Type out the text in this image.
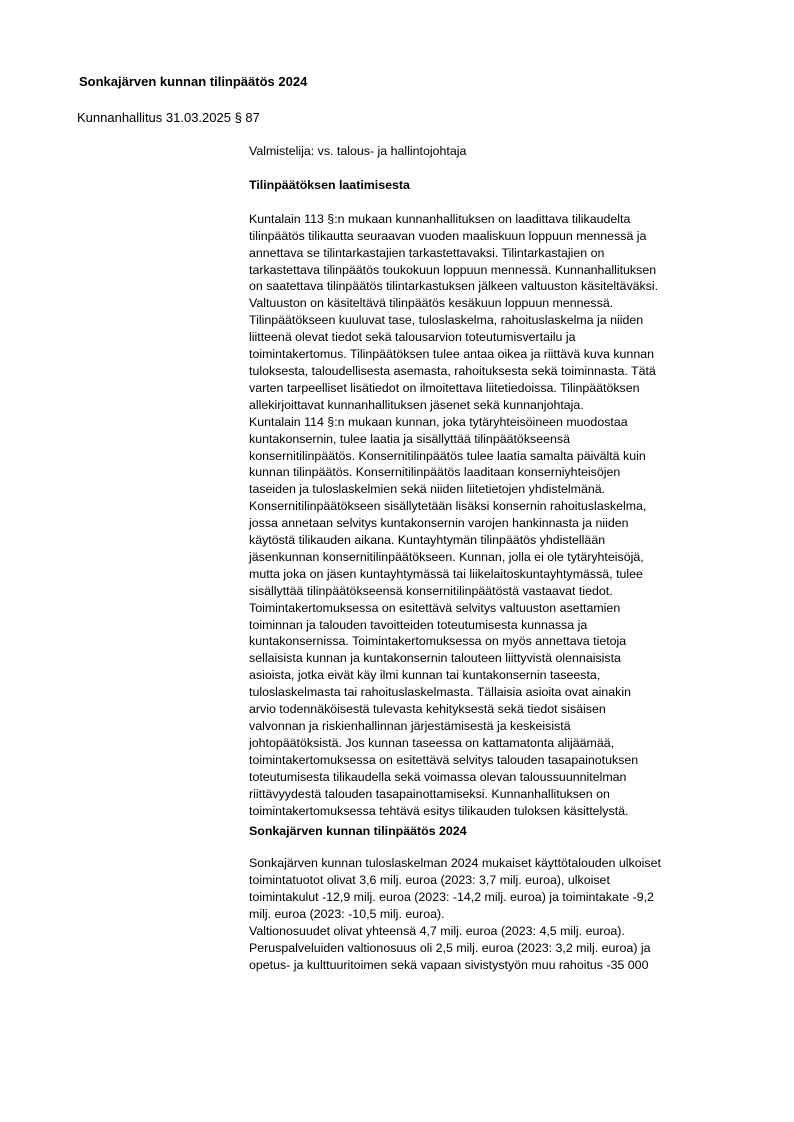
Sonkajärven kunnan tilinpäätös 2024
Kunnanhallitus 31.03.2025 § 87

Valmistelija: vs. talous- ja hallintojohtaja

Tilinpäätöksen laatimisesta

Kuntalain 113 §:n mukaan kunnanhallituksen on laadittava tilikaudelta
tilinpäätös tilikautta seuraavan vuoden maaliskuun loppuun mennessä ja
annettava se tilintarkastajien tarkastettavaksi. Tilintarkastajien on
tarkastettava tilinpäätös toukokuun loppuun mennessä. Kunnanhallituksen
on saatettava tilinpäätös tilintarkastuksen jälkeen valtuuston käsiteltäväksi.
Valtuuston on käsiteltävä tilinpäätös kesäkuun loppuun mennessä.

Tilinpäätökseen kuuluvat tase, tuloslaskelma, rahoituslaskelma ja niiden
liitteenä olevat tiedot sekä talousarvion toteutumisvertailu ja
toimintakertomus. Tilinpäätöksen tulee antaa oikea ja riittävä kuva kunnan
tuloksesta, taloudellisesta asemasta, rahoituksesta sekä toiminnasta. Tätä
varten tarpeelliset lisätiedot on ilmoitettava liitetiedoissa. Tilinpäätöksen
allekirjoittavat kunnanhallituksen jäsenet sekä kunnanjohtaja.

Kuntalain 114 §:n mukaan kunnan, joka tytäryhteisöineen muodostaa
kuntakonsernin, tulee laatia ja sisällyttää tilinpäätökseensä
konsernitilinpäätös. Konsernitilinpäätös tulee laatia samalta päivältä kuin
kunnan tilinpäätös. Konsernitilinpäätös laaditaan konserniyhteisöjen
taseiden ja tuloslaskelmien sekä niiden liitetietojen yhdistelmänä.
Konsernitilinpäätökseen sisällytetään lisäksi konsernin rahoituslaskelma,
jossa annetaan selvitys kuntakonsernin varojen hankinnasta ja niiden
käytöstä tilikauden aikana. Kuntayhtymän tilinpäätös yhdistellään
jäsenkunnan konsernitilinpäätökseen. Kunnan, jolla ei ole tytäryhteisöjä,
mutta joka on jäsen kuntayhtymässä tai liikelaitoskuntayhtymässä, tulee
sisällyttää tilinpäätökseensä konsernitilinpäätöstä vastaavat tiedot.

Toimintakertomuksessa on esitettävä selvitys valtuuston asettamien
toiminnan ja talouden tavoitteiden toteutumisesta kunnassa ja
kuntakonsernissa. Toimintakertomuksessa on myös annettava tietoja
sellaisista kunnan ja kuntakonsernin talouteen liittyvistä olennaisista
asioista, jotka eivät käy ilmi kunnan tai kuntakonsernin taseesta,
tuloslaskelmasta tai rahoituslaskelmasta. Tällaisia asioita ovat ainakin
arvio todennäköisestä tulevasta kehityksestä sekä tiedot sisäisen
valvonnan ja riskienhallinnan järjestämisestä ja keskeisistä
johtopäätöksistä. Jos kunnan taseessa on kattamatonta alijäämää,
toimintakertomuksessa on esitettävä selvitys talouden tasapainotuksen
toteutumisesta tilikaudella sekä voimassa olevan taloussuunnitelman
riittävyydestä talouden tasapainottamiseksi. Kunnanhallituksen on
toimintakertomuksessa tehtävä esitys tilikauden tuloksen käsittelystä.

Sonkajärven kunnan tilinpäätös 2024

Sonkajärven kunnan tuloslaskelman 2024 mukaiset käyttötalouden ulkoiset
toimintatuotot olivat 3,6 milj. euroa (2023: 3,7 milj. euroa), ulkoiset
toimintakulut -12,9 milj. euroa (2023: -14,2 milj. euroa) ja toimintakate -9,2
milj. euroa (2023: -10,5 milj. euroa).

Valtionosuudet olivat yhteensä 4,7 milj. euroa (2023: 4,5 milj. euroa).
Peruspalveluiden valtionosuus oli 2,5 milj. euroa (2023: 3,2 milj. euroa) ja
opetus- ja kulttuuritoimen sekä vapaan sivistystyön muu rahoitus -35 000
